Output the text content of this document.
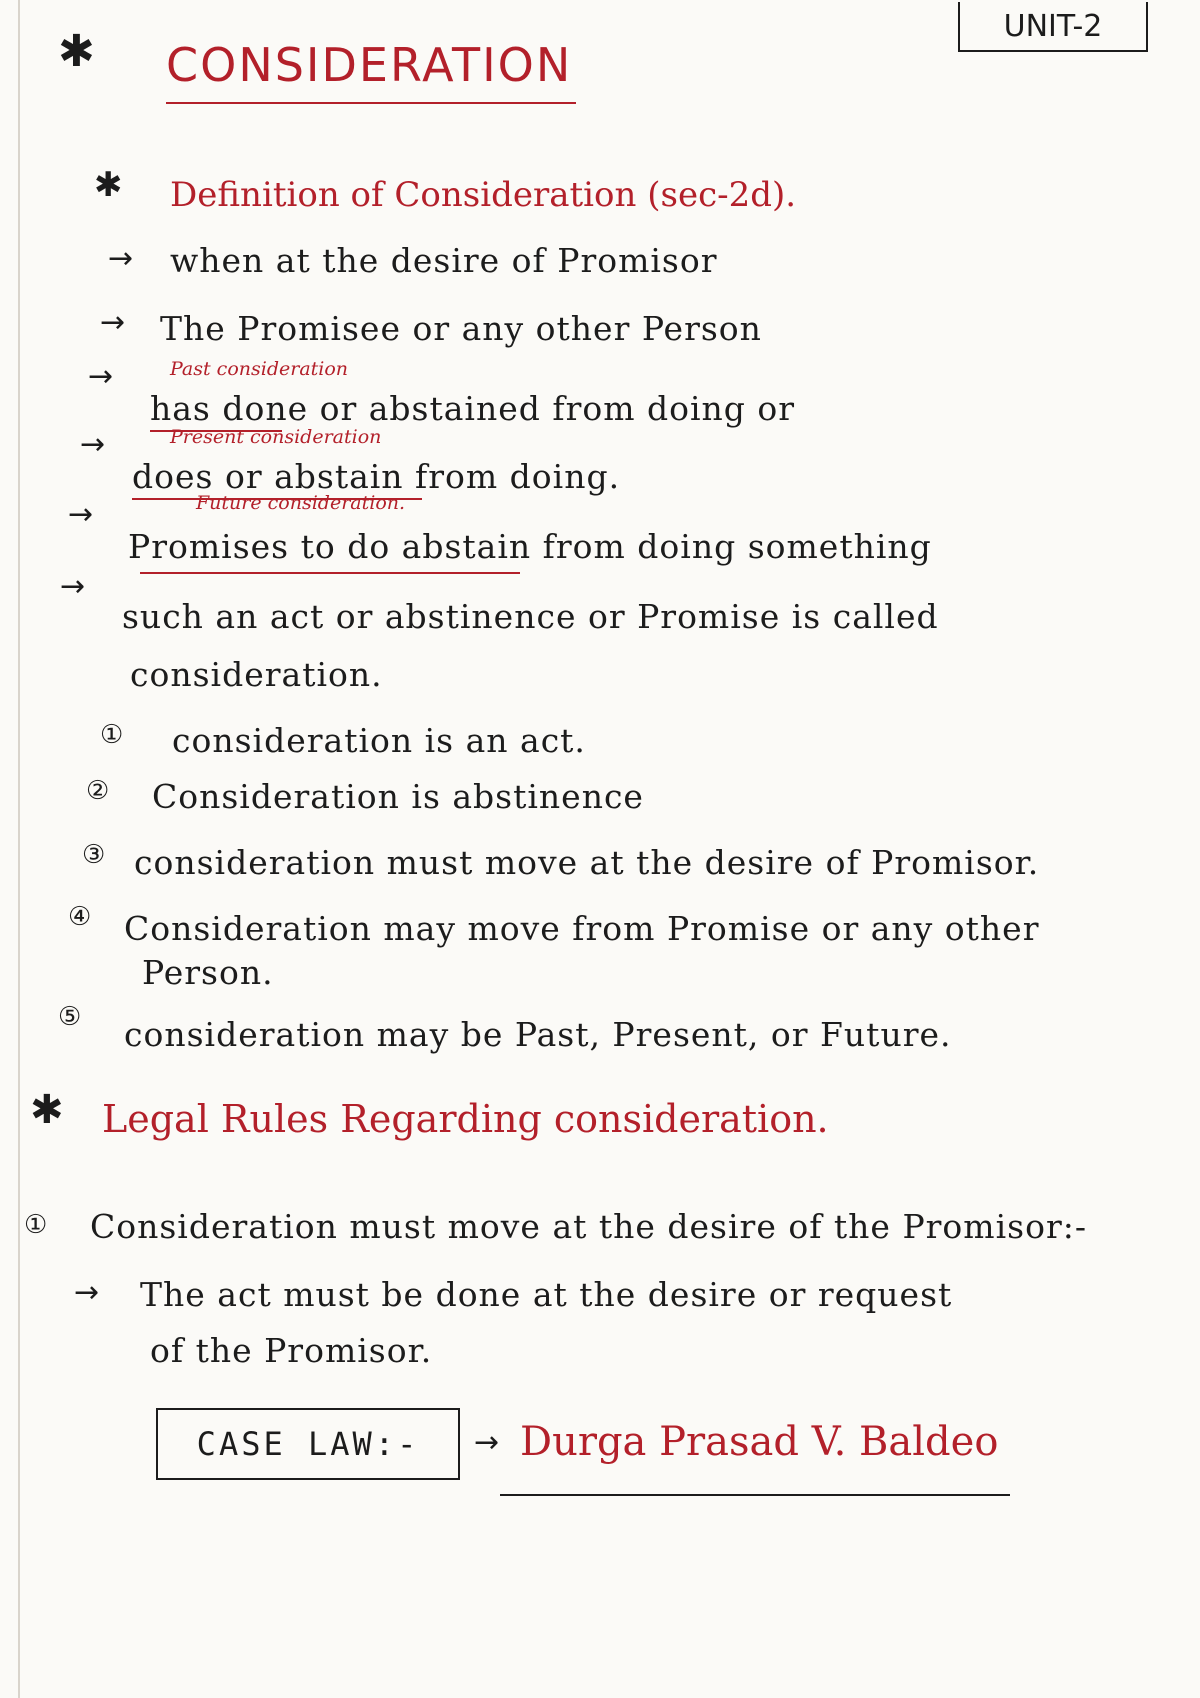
UNIT-2
✱ CONSIDERATION
✱ Definition of Consideration (sec-2d).
→ when at the desire of Promisor
→ The Promisee or any other Person
Past consideration
→
has done or abstained from doing or
Present consideration
→
does or abstain from doing.
Future consideration.
→
Promises to do abstain from doing something
→
such an act or abstinence or Promise is called
consideration.
① consideration is an act.
② Consideration is abstinence
③ consideration must move at the desire of Promisor.
④ Consideration may move from Promise or any other
Person.
⑤ consideration may be Past, Present, or Future.
✱ Legal Rules Regarding consideration.
① Consideration must move at the desire of the Promisor:-
→ The act must be done at the desire or request
of the Promisor.
CASE LAW:-	→ Durga Prasad V. Baldeo
